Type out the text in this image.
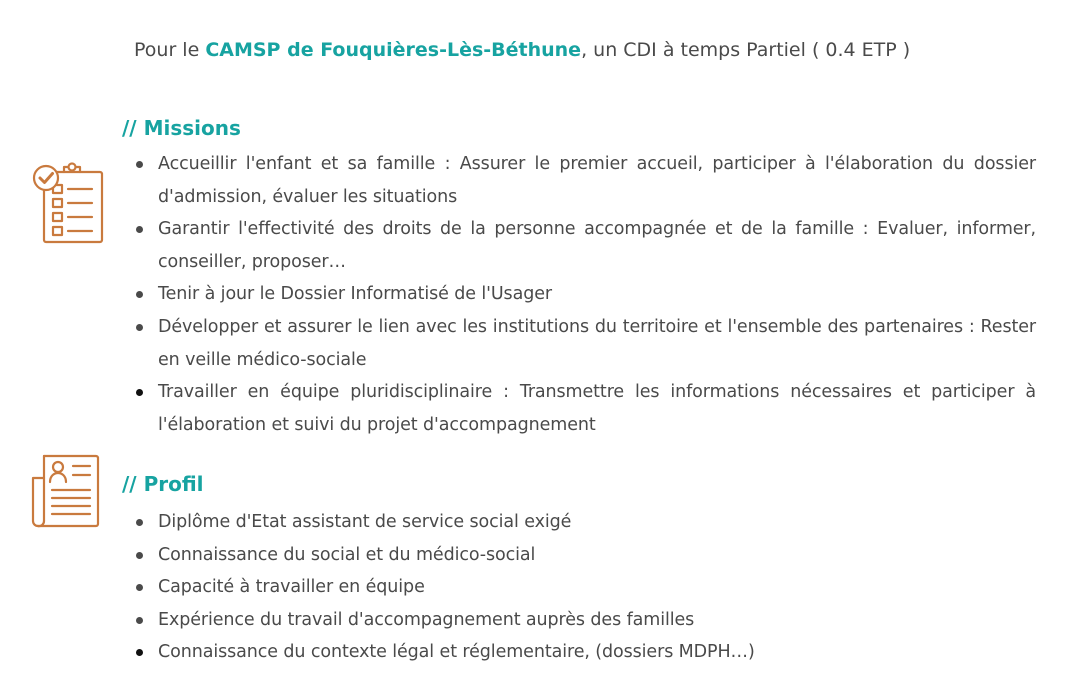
Pour le CAMSP de Fouquières-Lès-Béthune, un CDI à temps Partiel ( 0.4 ETP )
// Missions
Accueillir l'enfant et sa famille : Assurer le premier accueil, participer à l'élaboration du dossier d'admission, évaluer les situations
Garantir l'effectivité des droits de la personne accompagnée et de la famille : Evaluer, informer, conseiller, proposer…
Tenir à jour le Dossier Informatisé de l'Usager
Développer et assurer le lien avec les institutions du territoire et l'ensemble des partenaires : Rester en veille médico-sociale
Travailler en équipe pluridisciplinaire : Transmettre les informations nécessaires et participer à l'élaboration et suivi du projet d'accompagnement
// Profil
Diplôme d'Etat assistant de service social exigé
Connaissance du social et du médico-social
Capacité à travailler en équipe
Expérience du travail d'accompagnement auprès des familles
Connaissance du contexte légal et réglementaire, (dossiers MDPH…)
